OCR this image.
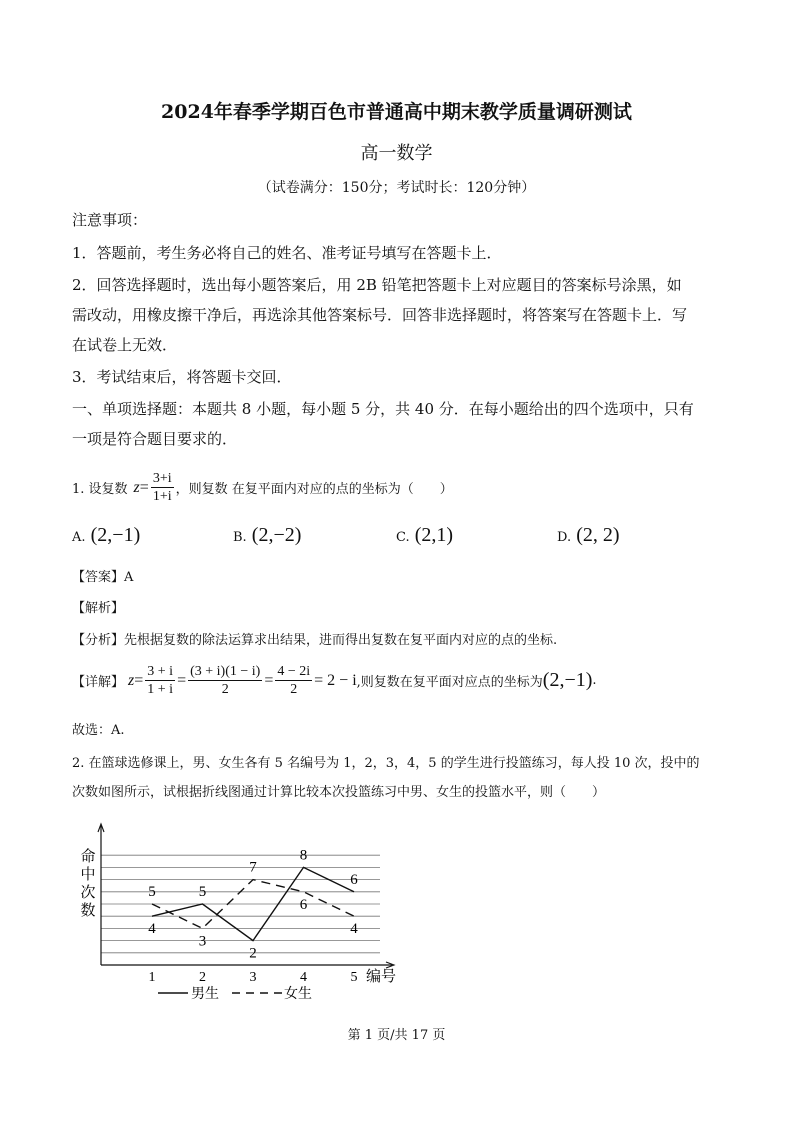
2024年春季学期百色市普通高中期末教学质量调研测试
高一数学
（试卷满分：150分；考试时长：120分钟）
注意事项：
1．答题前，考生务必将自己的姓名、准考证号填写在答题卡上．
2．回答选择题时，选出每小题答案后，用 2B 铅笔把答题卡上对应题目的答案标号涂黑，如
需改动，用橡皮擦干净后，再选涂其他答案标号．回答非选择题时，将答案写在答题卡上．写
在试卷上无效．
3．考试结束后，将答题卡交回．
一、单项选择题：本题共 8 小题，每小题 5 分，共 40 分．在每小题给出的四个选项中，只有
一项是符合题目要求的．
1. 设复数 $z = \frac{3+i}{1+i}$ ，则复数 在复平面内对应的点的坐标为（　　）
A. (2,−1)	B. (2,−2)	C. (2,1)	D. (2, 2)
【答案】A
【解析】
【分析】先根据复数的除法运算求出结果，进而得出复数在复平面内对应的点的坐标.
【详解】 $z = \frac{3 + i}{1 + i} = \frac{(3 + i)(1 - i)}{2} = \frac{4 - 2i}{2} = 2 - i$ ,则复数在复平面对应点的坐标为 (2,−1) .
故选：A.
2. 在篮球选修课上，男、女生各有 5 名编号为 1，2，3，4，5 的学生进行投篮练习，每人投 10 次，投中的
次数如图所示，试根据折线图通过计算比较本次投篮练习中男、女生的投篮水平，则（　　）
命
中
次
数
编号
1	2	3	4	5
4
5
2
8
6
5
3
7
6
4
男生	女生
第 1 页/共 17 页
